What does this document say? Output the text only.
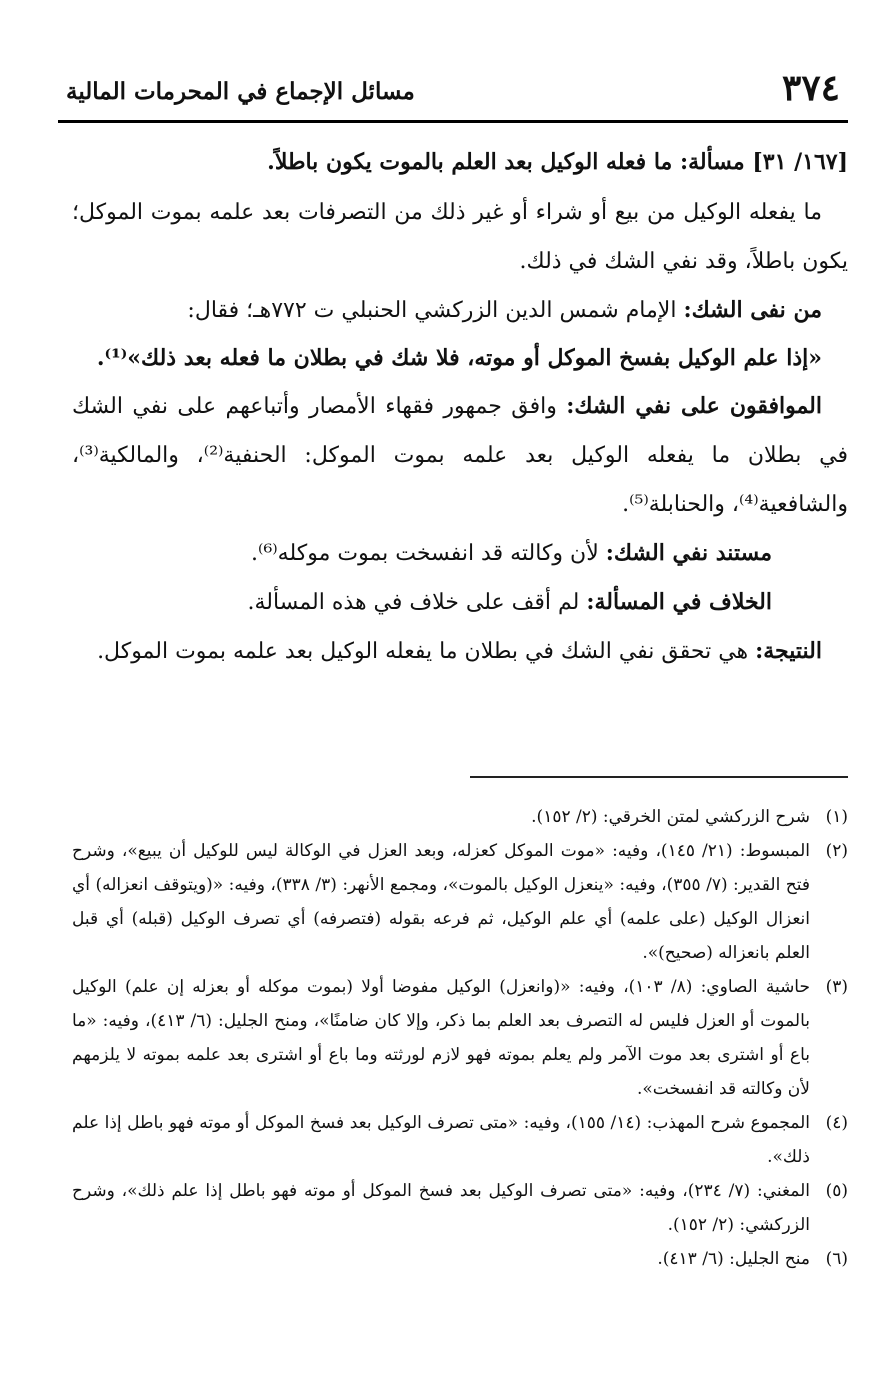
٣٧٤
مسائل الإجماع في المحرمات المالية

[١٦٧/ ٣١] مسألة: ما فعله الوكيل بعد العلم بالموت يكون باطلاً.

ما يفعله الوكيل من بيع أو شراء أو غير ذلك من التصرفات بعد علمه بموت الموكل؛ يكون باطلاً، وقد نفي الشك في ذلك.

من نفى الشك: الإمام شمس الدين الزركشي الحنبلي ت ٧٧٢هـ؛ فقال:

«إذا علم الوكيل بفسخ الموكل أو موته، فلا شك في بطلان ما فعله بعد ذلك»⁽¹⁾.

الموافقون على نفي الشك: وافق جمهور فقهاء الأمصار وأتباعهم على نفي الشك في بطلان ما يفعله الوكيل بعد علمه بموت الموكل: الحنفية⁽²⁾، والمالكية⁽³⁾، والشافعية⁽⁴⁾، والحنابلة⁽⁵⁾.

مستند نفي الشك: لأن وكالته قد انفسخت بموت موكله⁽⁶⁾.

الخلاف في المسألة: لم أقف على خلاف في هذه المسألة.

النتيجة: هي تحقق نفي الشك في بطلان ما يفعله الوكيل بعد علمه بموت الموكل.

(١)
شرح الزركشي لمتن الخرقي: (٢/ ١٥٢).

(٢)
المبسوط: (٢١/ ١٤٥)، وفيه: «موت الموكل كعزله، وبعد العزل في الوكالة ليس للوكيل أن يبيع»، وشرح فتح القدير: (٧/ ٣٥٥)، وفيه: «ينعزل الوكيل بالموت»، ومجمع الأنهر: (٣/ ٣٣٨)، وفيه: «(ويتوقف انعزاله) أي انعزال الوكيل (على علمه) أي علم الوكيل، ثم فرعه بقوله (فتصرفه) أي تصرف الوكيل (قبله) أي قبل العلم بانعزاله (صحيح)».

(٣)
حاشية الصاوي: (٨/ ١٠٣)، وفيه: «(وانعزل) الوكيل مفوضا أولا (بموت موكله أو بعزله إن علم) الوكيل بالموت أو العزل فليس له التصرف بعد العلم بما ذكر، وإلا كان ضامنًا»، ومنح الجليل: (٦/ ٤١٣)، وفيه: «ما باع أو اشترى بعد موت الآمر ولم يعلم بموته فهو لازم لورثته وما باع أو اشترى بعد علمه بموته لا يلزمهم لأن وكالته قد انفسخت».

(٤)
المجموع شرح المهذب: (١٤/ ١٥٥)، وفيه: «متى تصرف الوكيل بعد فسخ الموكل أو موته فهو باطل إذا علم ذلك».

(٥)
المغني: (٧/ ٢٣٤)، وفيه: «متى تصرف الوكيل بعد فسخ الموكل أو موته فهو باطل إذا علم ذلك»، وشرح الزركشي: (٢/ ١٥٢).

(٦)
منح الجليل: (٦/ ٤١٣).
